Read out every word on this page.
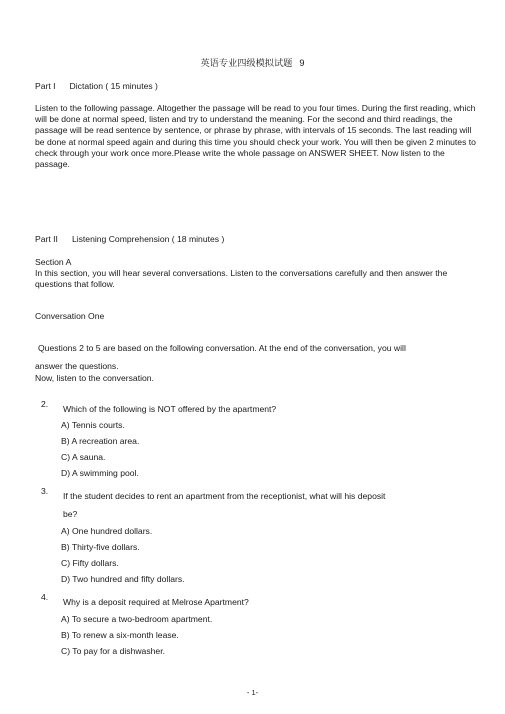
英语专业四级模拟试题 9
Part I Dictation ( 15 minutes )
Listen to the following passage. Altogether the passage will be read to you four times. During the first reading, which will be done at normal speed, listen and try to understand the meaning. For the second and third readings, the passage will be read sentence by sentence, or phrase by phrase, with intervals of 15 seconds. The last reading will be done at normal speed again and during this time you should check your work. You will then be given 2 minutes to check through your work once more.Please write the whole passage on ANSWER SHEET. Now listen to the passage.
Part II Listening Comprehension ( 18 minutes )
Section A
In this section, you will hear several conversations. Listen to the conversations carefully and then answer the questions that follow.
Conversation One
Questions 2 to 5 are based on the following conversation. At the end of the conversation, you will
answer the questions.
Now, listen to the conversation.
2. Which of the following is NOT offered by the apartment?
A) Tennis courts.
B) A recreation area.
C) A sauna.
D) A swimming pool.
3. If the student decides to rent an apartment from the receptionist, what will his deposit
be?
A) One hundred dollars.
B) Thirty-five dollars.
C) Fifty dollars.
D) Two hundred and fifty dollars.
4. Why is a deposit required at Melrose Apartment?
A) To secure a two-bedroom apartment.
B) To renew a six-month lease.
C) To pay for a dishwasher.
- 1-
